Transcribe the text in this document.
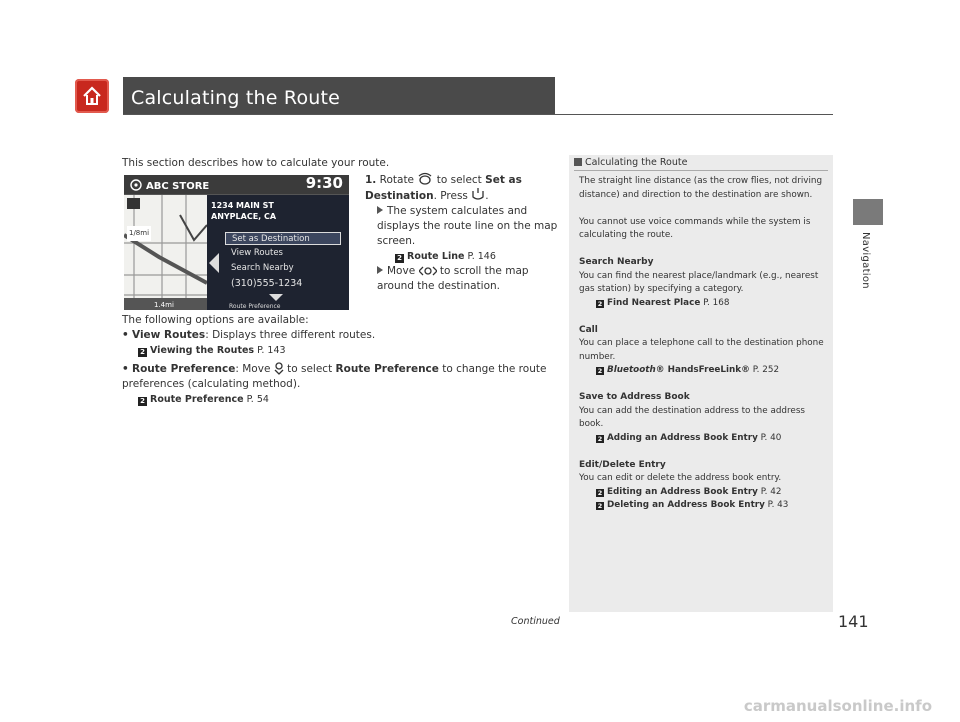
Calculating the Route
Navigation
This section describes how to calculate your route.
ABC STORE	9:30
1/8mi
1.4mi
1234 MAIN ST
ANYPLACE, CA
Set as Destination
View Routes
Search Nearby
(310)555-1234
Route Preference
1. Rotate to select Set as Destination. Press .
The system calculates and displays the route line on the map screen.
2 Route Line P. 146
Move to scroll the map around the destination.
The following options are available:
• View Routes: Displays three different routes.
2 Viewing the Routes P. 143
• Route Preference: Move to select Route Preference to change the route preferences (calculating method).
2 Route Preference P. 54
Calculating the Route
The straight line distance (as the crow flies, not driving distance) and direction to the destination are shown.
You cannot use voice commands while the system is calculating the route.
Search Nearby
You can find the nearest place/landmark (e.g., nearest gas station) by specifying a category.
2 Find Nearest Place P. 168
Call
You can place a telephone call to the destination phone number.
2 Bluetooth® HandsFreeLink® P. 252
Save to Address Book
You can add the destination address to the address book.
2 Adding an Address Book Entry P. 40
Edit/Delete Entry
You can edit or delete the address book entry.
2 Editing an Address Book Entry P. 42
2 Deleting an Address Book Entry P. 43
Continued	141
carmanualsonline.info
